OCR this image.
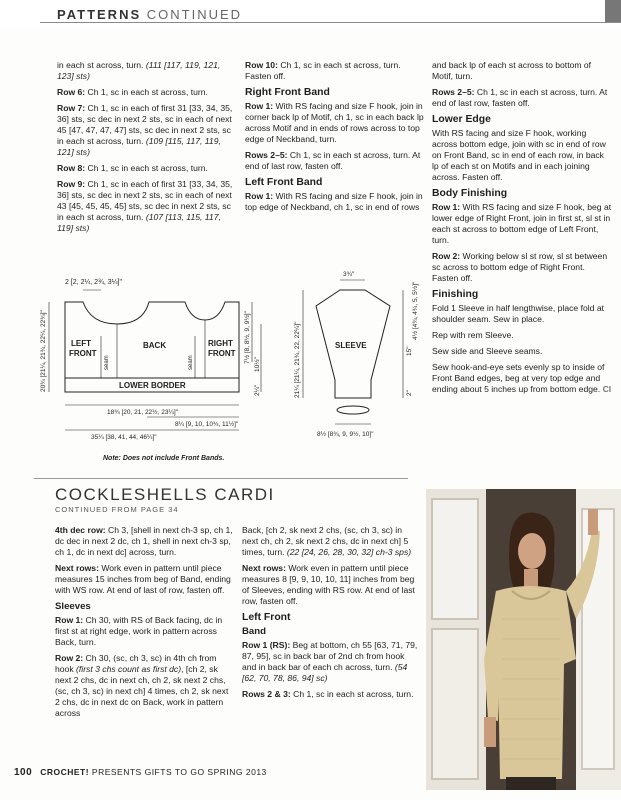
PATTERNS CONTINUED

in each st across, turn. (111 [117, 119, 121, 123] sts)

Row 6: Ch 1, sc in each st across, turn.

Row 7: Ch 1, sc in each of first 31 [33, 34, 35, 36] sts, sc dec in next 2 sts, sc in each of next 45 [47, 47, 47, 47] sts, sc dec in next 2 sts, sc in each st across, turn. (109 [115, 117, 119, 121] sts)

Row 8: Ch 1, sc in each st across, turn.

Row 9: Ch 1, sc in each of first 31 [33, 34, 35, 36] sts, sc dec in next 2 sts, sc in each of next 43 [45, 45, 45, 45] sts, sc dec in next 2 sts, sc in each st across, turn. (107 [113, 115, 117, 119] sts)

Row 10: Ch 1, sc in each st across, turn. Fasten off.

Right Front Band

Row 1: With RS facing and size F hook, join in corner back lp of Motif, ch 1, sc in each back lp across Motif and in ends of rows across to top edge of Neckband, turn.

Rows 2–5: Ch 1, sc in each st across, turn. At end of last row, fasten off.

Left Front Band

Row 1: With RS facing and size F hook, join in top edge of Neckband, ch 1, sc in end of rows

and back lp of each st across to bottom of Motif, turn.

Rows 2–5: Ch 1, sc in each st across, turn. At end of last row, fasten off.

Lower Edge

With RS facing and size F hook, working across bottom edge, join with sc in end of row on Front Band, sc in end of each row, in back lp of each st on Motifs and in each joining across. Fasten off.

Body Finishing

Row 1: With RS facing and size F hook, beg at lower edge of Right Front, join in first st, sl st in each st across to bottom edge of Left Front, turn.

Row 2: Working below sl st row, sl st between sc across to bottom edge of Right Front. Fasten off.

Finishing

Fold 1 Sleeve in half lengthwise, place fold at shoulder seam. Sew in place.

Rep with rem Sleeve.

Sew side and Sleeve seams.

Sew hook-and-eye sets evenly sp to inside of Front Band edges, beg at very top edge and ending about 5 inches up from bottom edge. CI

2 [2, 2¼, 2¾, 3¼]"
LEFT
FRONT
BACK	RIGHT
FRONT
seam	seam
LOWER BORDER
20¾ [21¼, 21¾, 22¼, 22¾]"	7½ [8, 8½, 9, 9½]"
10½"
2¼"
18¾ [20, 21, 22½, 23¼]"
8¼ [9, 10, 10¾, 11½]"
35¼ [38, 41, 44, 46¼]"
Note: Does not include Front Bands.
SLEEVE
3¾"
21¼ [21¼, 21¾, 22, 22¼]"
4½ [4¾, 4¾, 5, 5½]"
15"
2"
8½ [8¾, 9, 9½, 10]"
COCKLESHELLS CARDI
CONTINUED FROM PAGE 34

4th dec row: Ch 3, [shell in next ch-3 sp, ch 1, dc dec in next 2 dc, ch 1, shell in next ch-3 sp, ch 1, dc in next dc] across, turn.

Next rows: Work even in pattern until piece measures 15 inches from beg of Band, ending with WS row. At end of last of row, fasten off.

Sleeves

Row 1: Ch 30, with RS of Back facing, dc in first st at right edge, work in pattern across Back, turn.

Row 2: Ch 30, (sc, ch 3, sc) in 4th ch from hook (first 3 chs count as first dc), [ch 2, sk next 2 chs, dc in next ch, ch 2, sk next 2 chs, (sc, ch 3, sc) in next ch] 4 times, ch 2, sk next 2 chs, dc in next dc on Back, work in pattern across

Back, [ch 2, sk next 2 chs, (sc, ch 3, sc) in next ch, ch 2, sk next 2 chs, dc in next ch] 5 times, turn. (22 [24, 26, 28, 30, 32] ch-3 sps)

Next rows: Work even in pattern until piece measures 8 [9, 9, 10, 10, 11] inches from beg of Sleeves, ending with RS row. At end of last row, fasten off.

Left Front
Band

Row 1 (RS): Beg at bottom, ch 55 [63, 71, 79, 87, 95], sc in back bar of 2nd ch from hook and in back bar of each ch across, turn. (54 [62, 70, 78, 86, 94] sc)

Rows 2 & 3: Ch 1, sc in each st across, turn.

100 CROCHET! PRESENTS GIFTS TO GO SPRING 2013
